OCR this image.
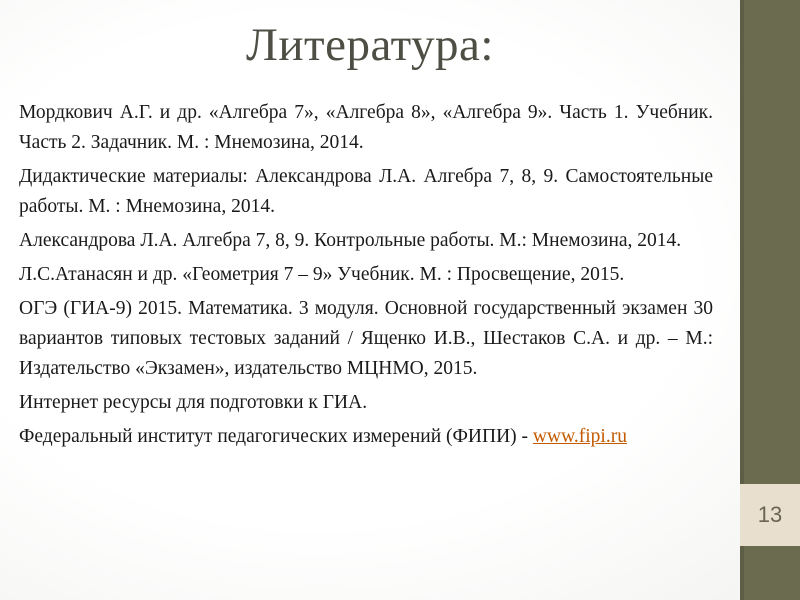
13
Литература:

Мордкович А.Г. и др. «Алгебра 7», «Алгебра 8», «Алгебра 9». Часть 1. Учебник. Часть 2. Задачник. М. : Мнемозина, 2014.

Дидактические материалы: Александрова Л.А. Алгебра 7, 8, 9. Самостоятельные работы. М. : Мнемозина, 2014.

Александрова Л.А. Алгебра 7, 8, 9. Контрольные работы. М.: Мнемозина, 2014.

Л.С.Атанасян и др. «Геометрия 7 – 9» Учебник. М. : Просвещение, 2015.

ОГЭ (ГИА-9) 2015. Математика. 3 модуля. Основной государственный экзамен 30 вариантов типовых тестовых заданий / Ященко И.В., Шестаков С.А. и др. – М.: Издательство «Экзамен», издательство МЦНМО, 2015.

Интернет ресурсы для подготовки к ГИА.

Федеральный институт педагогических измерений (ФИПИ) - www.fipi.ru
